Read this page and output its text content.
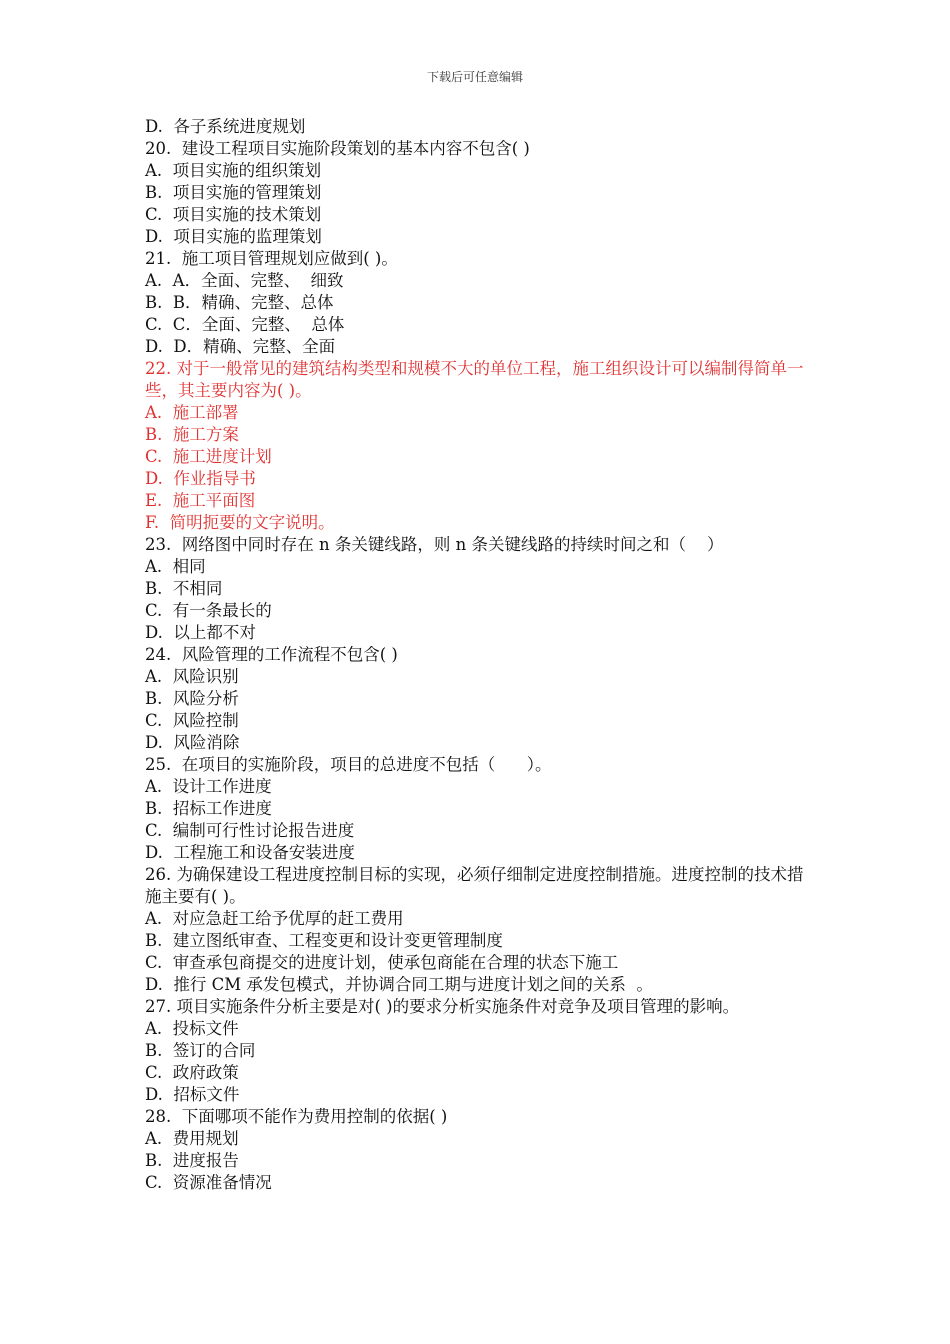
下载后可任意编辑
D.  各子系统进度规划
20.  建设工程项目实施阶段策划的基本内容不包含( )
A.  项目实施的组织策划
B.  项目实施的管理策划
C.  项目实施的技术策划
D.  项目实施的监理策划
21.  施工项目管理规划应做到( )。
A.  A．全面、完整、  细致
B.  B．精确、完整、总体
C.  C．全面、完整、  总体
D.  D．精确、完整、全面
22. 对于一般常见的建筑结构类型和规模不大的单位工程，施工组织设计可以编制得简单一些，其主要内容为( )。
A.  施工部署
B.  施工方案
C.  施工进度计划
D.  作业指导书
E.  施工平面图
F.  简明扼要的文字说明。
23.  网络图中同时存在 n 条关键线路，则 n 条关键线路的持续时间之和（    ）
A.  相同
B.  不相同
C.  有一条最长的
D.  以上都不对
24.  风险管理的工作流程不包含( )
A.  风险识别
B.  风险分析
C.  风险控制
D.  风险消除
25.  在项目的实施阶段，项目的总进度不包括（      ）。
A.  设计工作进度
B.  招标工作进度
C.  编制可行性讨论报告进度
D.  工程施工和设备安装进度
26. 为确保建设工程进度控制目标的实现，必须仔细制定进度控制措施。进度控制的技术措施主要有( )。
A.  对应急赶工给予优厚的赶工费用
B.  建立图纸审查、工程变更和设计变更管理制度
C.  审查承包商提交的进度计划，使承包商能在合理的状态下施工
D.  推行 CM 承发包模式，并协调合同工期与进度计划之间的关系  。
27. 项目实施条件分析主要是对( )的要求分析实施条件对竞争及项目管理的影响。
A.  投标文件
B.  签订的合同
C.  政府政策
D.  招标文件
28.  下面哪项不能作为费用控制的依据( )
A.  费用规划
B.  进度报告
C.  资源准备情况
